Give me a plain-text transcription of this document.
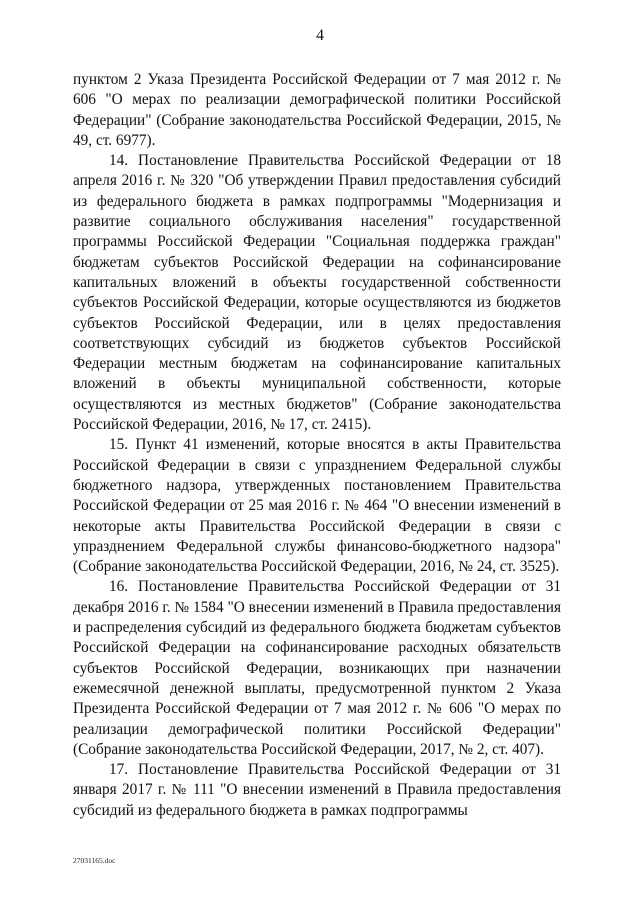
4

пунктом 2 Указа Президента Российской Федерации от 7 мая 2012 г. № 606 "О мерах по реализации демографической политики Российской Федерации" (Собрание законодательства Российской Федерации, 2015, № 49, ст. 6977).

14. Постановление Правительства Российской Федерации от 18 апреля 2016 г. № 320 "Об утверждении Правил предоставления субсидий из федерального бюджета в рамках подпрограммы "Модернизация и развитие социального обслуживания населения" государственной программы Российской Федерации "Социальная поддержка граждан" бюджетам субъектов Российской Федерации на софинансирование капитальных вложений в объекты государственной собственности субъектов Российской Федерации, которые осуществляются из бюджетов субъектов Российской Федерации, или в целях предоставления соответствующих субсидий из бюджетов субъектов Российской Федерации местным бюджетам на софинансирование капитальных вложений в объекты муниципальной собственности, которые осуществляются из местных бюджетов" (Собрание законодательства Российской Федерации, 2016, № 17, ст. 2415).

15. Пункт 41 изменений, которые вносятся в акты Правительства Российской Федерации в связи с упразднением Федеральной службы бюджетного надзора, утвержденных постановлением Правительства Российской Федерации от 25 мая 2016 г. № 464 "О внесении изменений в некоторые акты Правительства Российской Федерации в связи с упразднением Федеральной службы финансово-бюджетного надзора" (Собрание законодательства Российской Федерации, 2016, № 24, ст. 3525).

16. Постановление Правительства Российской Федерации от 31 декабря 2016 г. № 1584 "О внесении изменений в Правила предоставления и распределения субсидий из федерального бюджета бюджетам субъектов Российской Федерации на софинансирование расходных обязательств субъектов Российской Федерации, возникающих при назначении ежемесячной денежной выплаты, предусмотренной пунктом 2 Указа Президента Российской Федерации от 7 мая 2012 г. № 606 "О мерах по реализации демографической политики Российской Федерации" (Собрание законодательства Российской Федерации, 2017, № 2, ст. 407).

17. Постановление Правительства Российской Федерации от 31 января 2017 г. № 111 "О внесении изменений в Правила предоставления субсидий из федерального бюджета в рамках подпрограммы

27031165.doc
